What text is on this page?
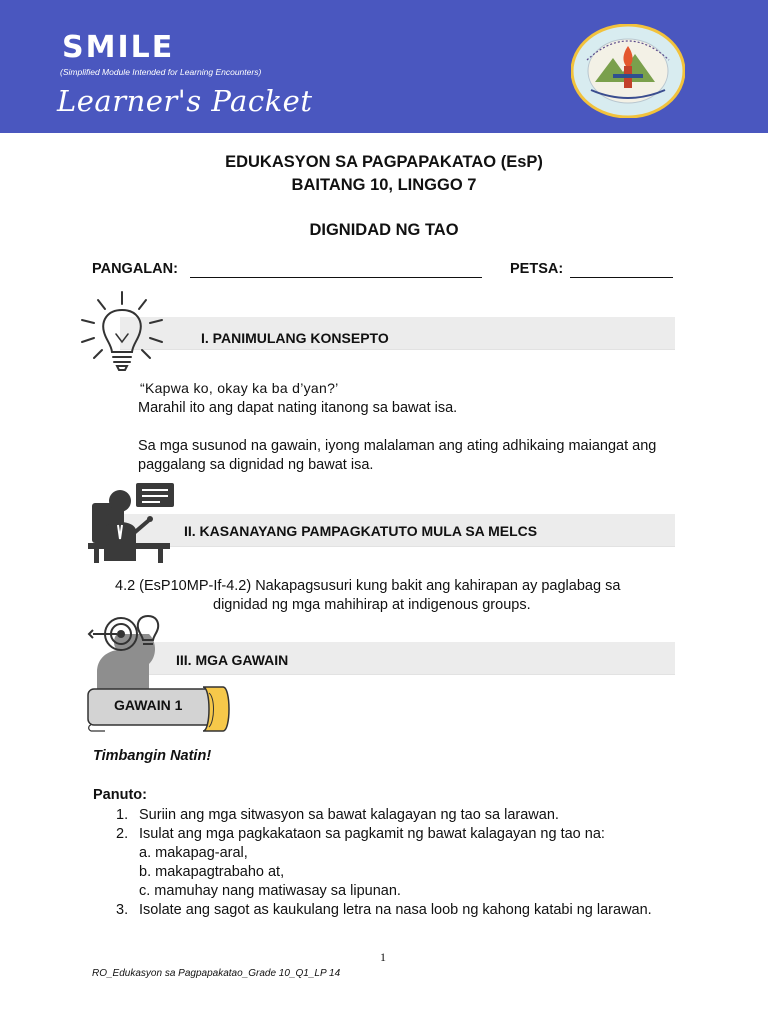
SMILE
(Simplified Module Intended for Learning Encounters)
Learner's Packet
EDUKASYON SA PAGPAPAKATAO (EsP)
BAITANG 10, LINGGO 7
DIGNIDAD NG TAO
PANGALAN:	PETSA:
I. PANIMULANG KONSEPTO
“Kapwa ko, okay ka ba d’yan?’
Marahil ito ang dapat nating itanong sa bawat isa.
Sa mga susunod na gawain, iyong malalaman ang ating adhikaing maiangat ang paggalang sa dignidad ng bawat isa.
II. KASANAYANG PAMPAGKATUTO MULA SA MELCS
4.2 (EsP10MP-If-4.2) Nakapagsusuri kung bakit ang kahirapan ay paglabag sa
dignidad ng mga mahihirap at indigenous groups.
III. MGA GAWAIN
GAWAIN 1
Timbangin Natin!
Panuto:
1. Suriin ang mga sitwasyon sa bawat kalagayan ng tao sa larawan.
2. Isulat ang mga pagkakataon sa pagkamit ng bawat kalagayan ng tao na:
a. makapag-aral,
b. makapagtrabaho at,
c. mamuhay nang matiwasay sa lipunan.
3. Isolate ang sagot as kaukulang letra na nasa loob ng kahong katabi ng larawan.
1
RO_Edukasyon sa Pagpapakatao_Grade 10_Q1_LP 14
